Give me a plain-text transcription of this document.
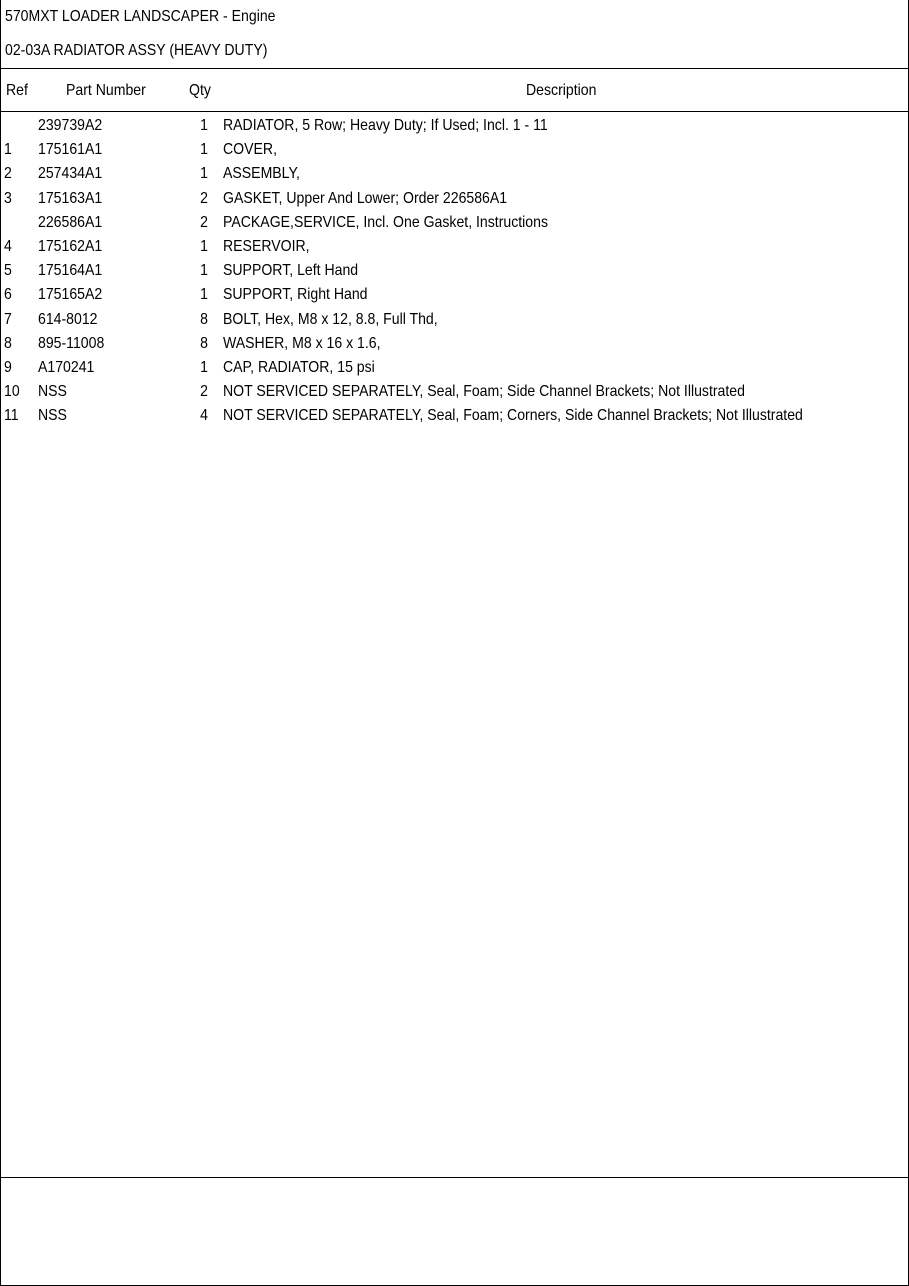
570MXT LOADER LANDSCAPER - Engine
02-03A RADIATOR ASSY (HEAVY DUTY)
Ref Part Number	Qty	Description
239739A2	1 RADIATOR, 5 Row; Heavy Duty; If Used; Incl. 1 - 11
1 175161A1	1 COVER,
2 257434A1	1 ASSEMBLY,
3 175163A1	2 GASKET, Upper And Lower; Order 226586A1
226586A1	2 PACKAGE,SERVICE, Incl. One Gasket, Instructions
4 175162A1	1 RESERVOIR,
5 175164A1	1 SUPPORT, Left Hand
6 175165A2	1 SUPPORT, Right Hand
7 614-8012	8 BOLT, Hex, M8 x 12, 8.8, Full Thd,
8 895-11008	8 WASHER, M8 x 16 x 1.6,
9 A170241	1 CAP, RADIATOR, 15 psi
10 NSS	2 NOT SERVICED SEPARATELY, Seal, Foam; Side Channel Brackets; Not Illustrated
11 NSS	4 NOT SERVICED SEPARATELY, Seal, Foam; Corners, Side Channel Brackets; Not Illustrated
